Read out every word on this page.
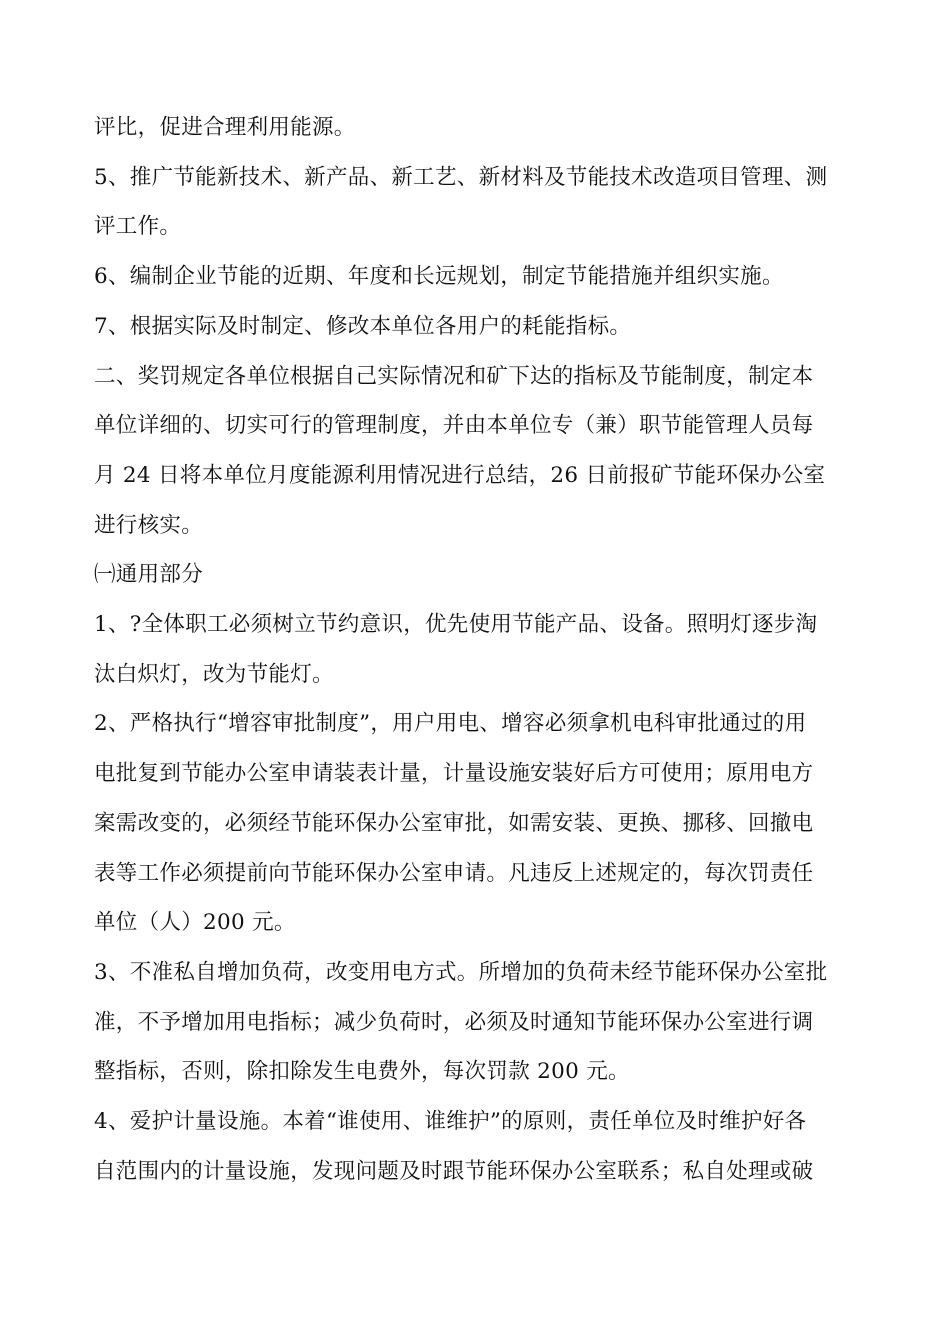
评比，促进合理利用能源。

5、推广节能新技术、新产品、新工艺、新材料及节能技术改造项目管理、测
评工作。

6、编制企业节能的近期、年度和长远规划，制定节能措施并组织实施。

7、根据实际及时制定、修改本单位各用户的耗能指标。

二、奖罚规定各单位根据自己实际情况和矿下达的指标及节能制度，制定本
单位详细的、切实可行的管理制度，并由本单位专（兼）职节能管理人员每
月 24 日将本单位月度能源利用情况进行总结，26 日前报矿节能环保办公室
进行核实。

㈠通用部分

1、?全体职工必须树立节约意识，优先使用节能产品、设备。照明灯逐步淘
汰白炽灯，改为节能灯。

2、严格执行“增容审批制度”，用户用电、增容必须拿机电科审批通过的用
电批复到节能办公室申请装表计量，计量设施安装好后方可使用；原用电方
案需改变的，必须经节能环保办公室审批，如需安装、更换、挪移、回撤电
表等工作必须提前向节能环保办公室申请。凡违反上述规定的，每次罚责任
单位（人）200 元。

3、不准私自增加负荷，改变用电方式。所增加的负荷未经节能环保办公室批
准，不予增加用电指标；减少负荷时，必须及时通知节能环保办公室进行调
整指标，否则，除扣除发生电费外，每次罚款 200 元。

4、爱护计量设施。本着“谁使用、谁维护”的原则，责任单位及时维护好各
自范围内的计量设施，发现问题及时跟节能环保办公室联系；私自处理或破
